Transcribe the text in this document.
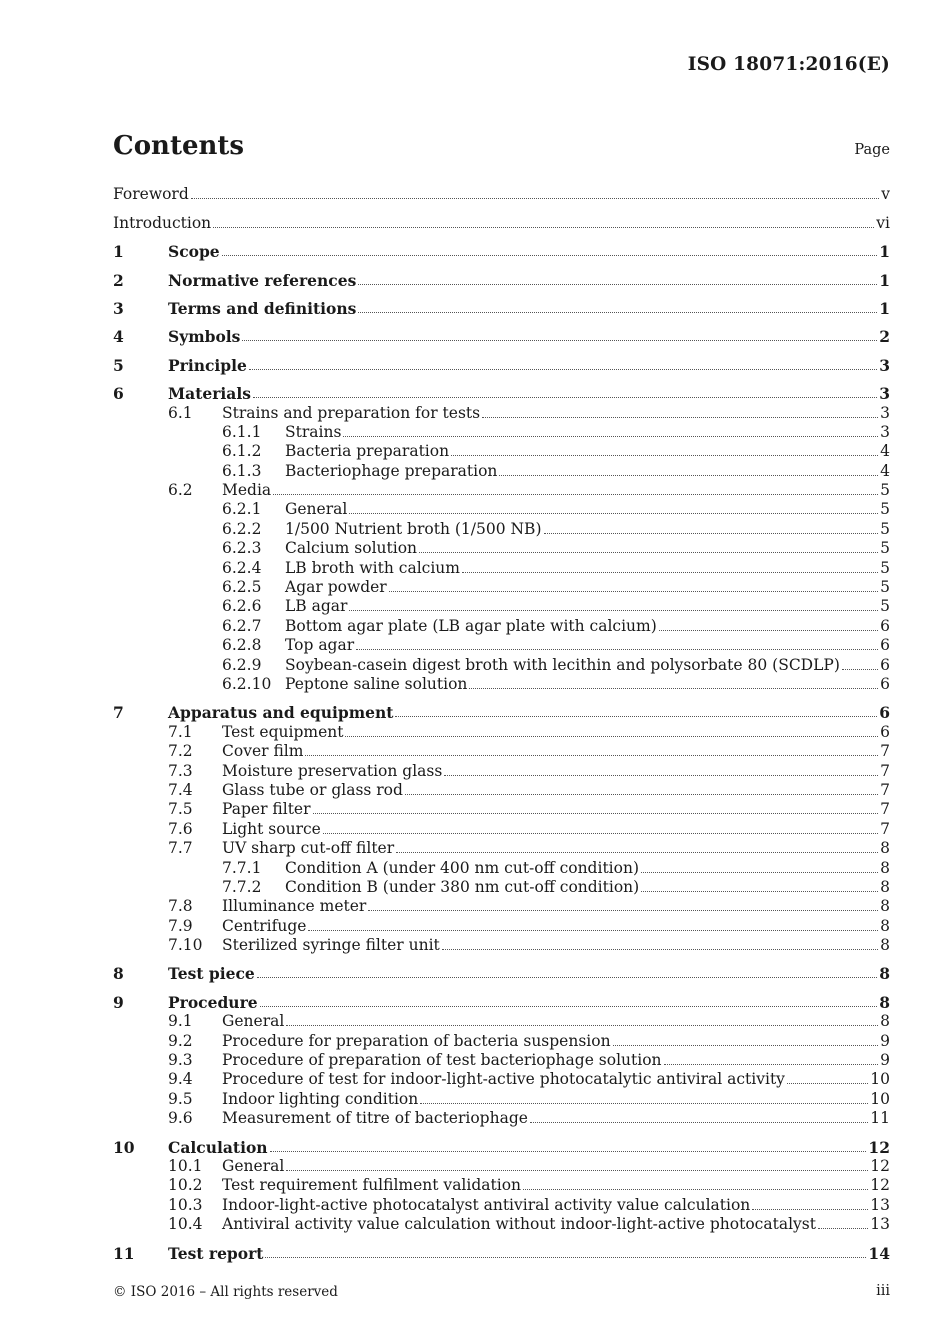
ISO 18071:2016(E)
Contents	Page
Foreword	v
Introduction	vi
1	Scope	1
2	Normative references	1
3	Terms and definitions	1
4	Symbols	2
5	Principle	3
6	Materials	3
6.1 Strains and preparation for tests	3
6.1.1 Strains	3
6.1.2 Bacteria preparation	4
6.1.3 Bacteriophage preparation	4
6.2 Media	5
6.2.1 General	5
6.2.2 1/500 Nutrient broth (1/500 NB)	5
6.2.3 Calcium solution	5
6.2.4 LB broth with calcium	5
6.2.5 Agar powder	5
6.2.6 LB agar	5
6.2.7 Bottom agar plate (LB agar plate with calcium)	6
6.2.8 Top agar	6
6.2.9 Soybean-casein digest broth with lecithin and polysorbate 80 (SCDLP)	6
6.2.10 Peptone saline solution	6
7	Apparatus and equipment	6
7.1 Test equipment	6
7.2 Cover film	7
7.3 Moisture preservation glass	7
7.4 Glass tube or glass rod	7
7.5 Paper filter	7
7.6 Light source	7
7.7 UV sharp cut-off filter	8
7.7.1 Condition A (under 400 nm cut-off condition)	8
7.7.2 Condition B (under 380 nm cut-off condition)	8
7.8 Illuminance meter	8
7.9 Centrifuge	8
7.10 Sterilized syringe filter unit	8
8	Test piece	8
9	Procedure	8
9.1 General	8
9.2 Procedure for preparation of bacteria suspension	9
9.3 Procedure of preparation of test bacteriophage solution	9
9.4 Procedure of test for indoor-light-active photocatalytic antiviral activity	10
9.5 Indoor lighting condition	10
9.6 Measurement of titre of bacteriophage	11
10 Calculation	12
10.1 General	12
10.2 Test requirement fulfilment validation	12
10.3 Indoor-light-active photocatalyst antiviral activity value calculation	13
10.4 Antiviral activity value calculation without indoor-light-active photocatalyst	13
11 Test report	14
© ISO 2016 – All rights reserved	iii
